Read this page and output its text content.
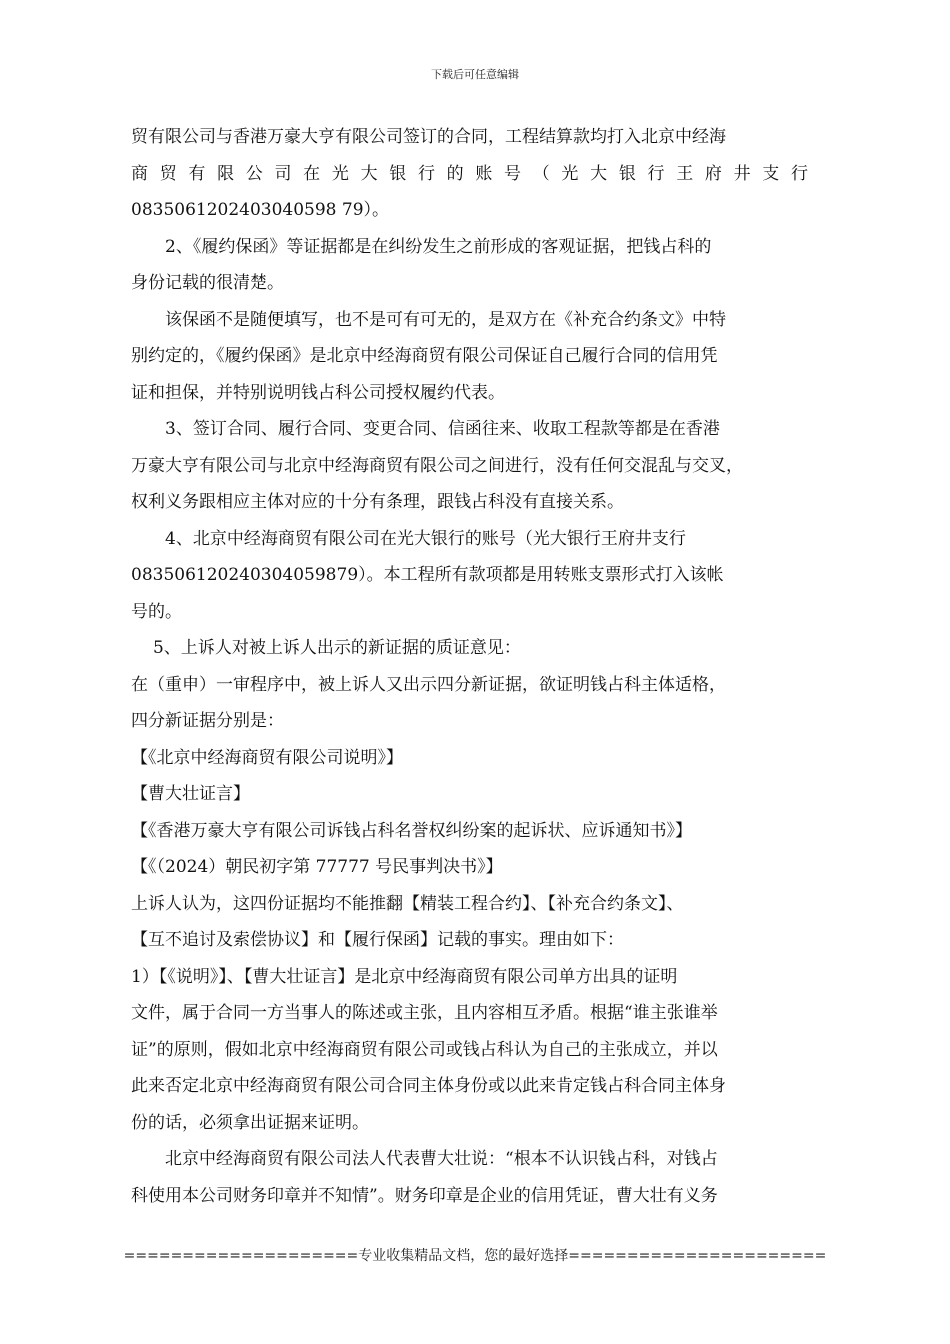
下载后可任意编辑

贸有限公司与香港万豪大亨有限公司签订的合同，工程结算款均打入北京中经海

商贸有限公司在光大银行的账号（光大银行王府井支行

0835061202403040598 79）。

2、《履约保函》等证据都是在纠纷发生之前形成的客观证据，把钱占科的

身份记载的很清楚。

该保函不是随便填写，也不是可有可无的，是双方在《补充合约条文》中特

别约定的，《履约保函》是北京中经海商贸有限公司保证自己履行合同的信用凭

证和担保，并特别说明钱占科公司授权履约代表。

3、签订合同、履行合同、变更合同、信函往来、收取工程款等都是在香港

万豪大亨有限公司与北京中经海商贸有限公司之间进行，没有任何交混乱与交叉，

权利义务跟相应主体对应的十分有条理，跟钱占科没有直接关系。

4、北京中经海商贸有限公司在光大银行的账号（光大银行王府井支行

083506120240304059879）。本工程所有款项都是用转账支票形式打入该帐

号的。

5、上诉人对被上诉人出示的新证据的质证意见：

在（重申）一审程序中，被上诉人又出示四分新证据，欲证明钱占科主体适格，

四分新证据分别是：

【《北京中经海商贸有限公司说明》】

【曹大壮证言】

【《香港万豪大亨有限公司诉钱占科名誉权纠纷案的起诉状、应诉通知书》】

【《（2024）朝民初字第 77777 号民事判决书》】

上诉人认为，这四份证据均不能推翻【精装工程合约】、【补充合约条文】、

【互不追讨及索偿协议】和【履行保函】记载的事实。理由如下：

1）【《说明》】、【曹大壮证言】是北京中经海商贸有限公司单方出具的证明

文件，属于合同一方当事人的陈述或主张，且内容相互矛盾。根据“谁主张谁举

证”的原则，假如北京中经海商贸有限公司或钱占科认为自己的主张成立，并以

此来否定北京中经海商贸有限公司合同主体身份或以此来肯定钱占科合同主体身

份的话，必须拿出证据来证明。

北京中经海商贸有限公司法人代表曹大壮说：“根本不认识钱占科，对钱占

科使用本公司财务印章并不知情”。财务印章是企业的信用凭证，曹大壮有义务

====================专业收集精品文档，您的最好选择======================
